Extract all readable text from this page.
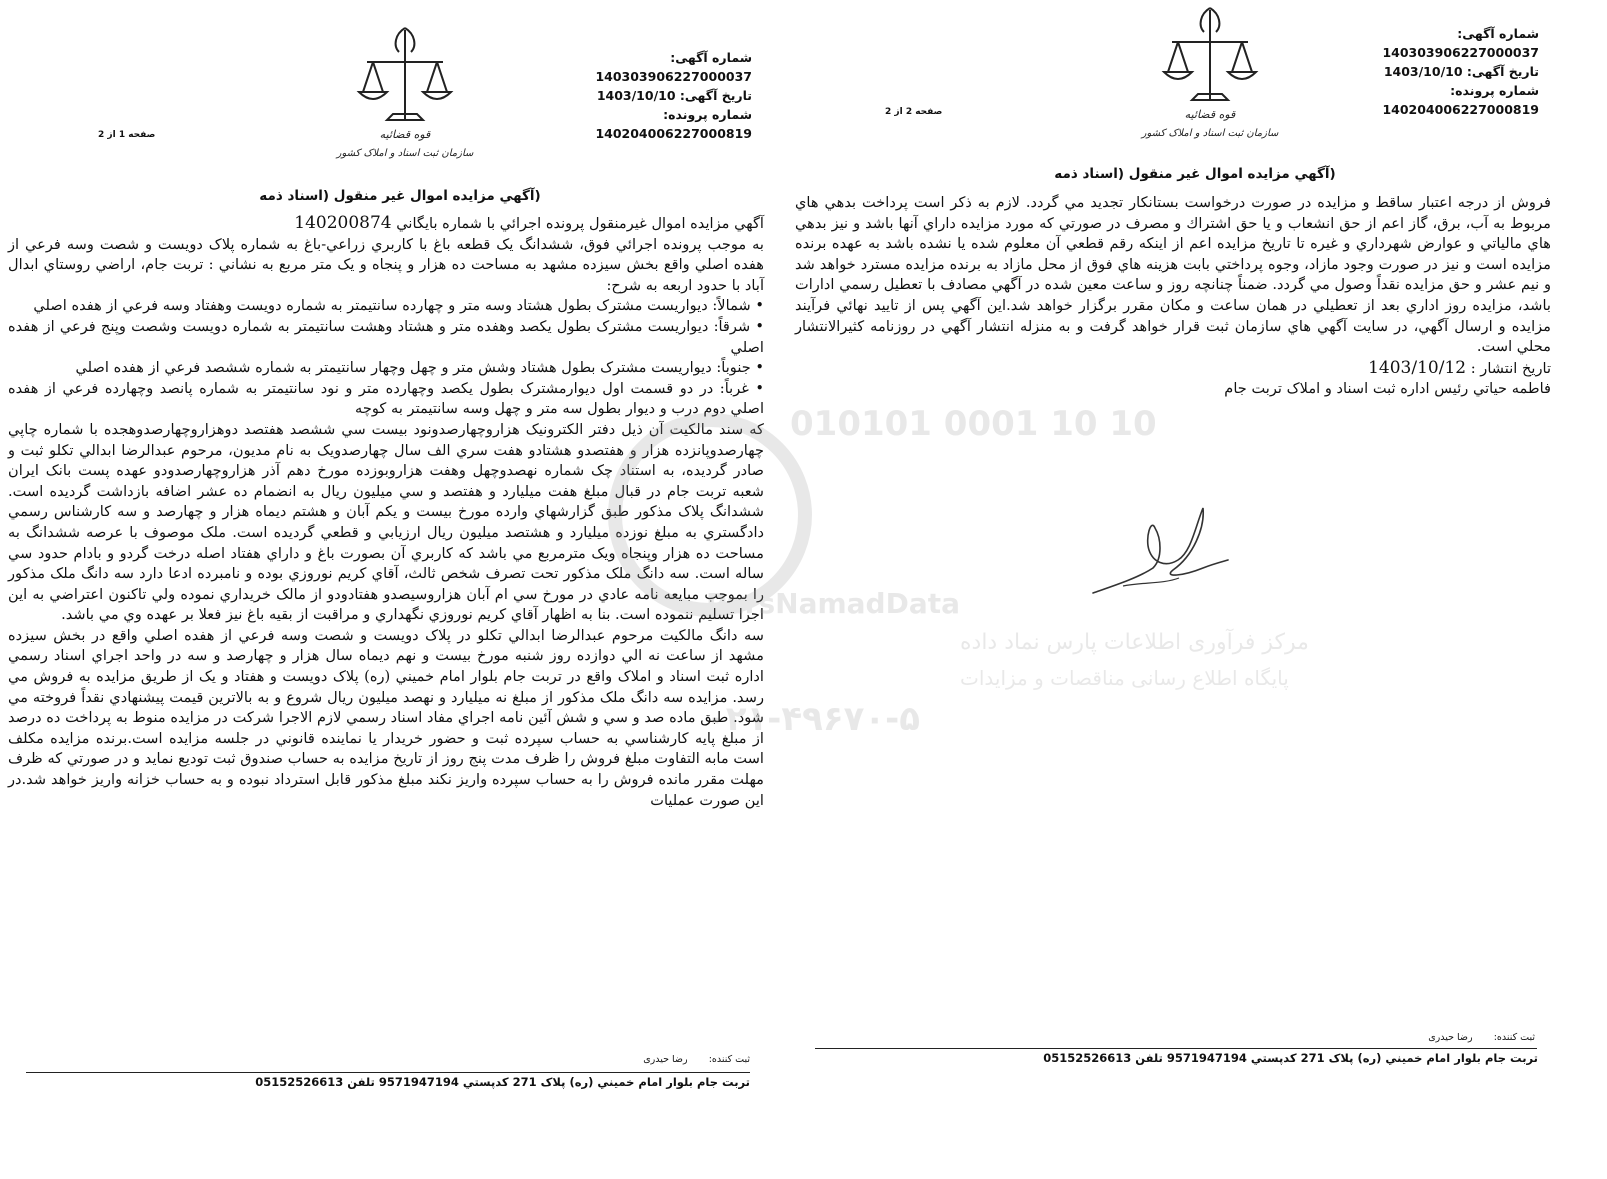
شماره آگهی: 140303906227000037
تاریخ آگهی: 1403/10/10
شماره پرونده: 140204006227000819
قوه قضائیه
سازمان ثبت اسناد و املاک کشور
صفحه 1 از 2
(آگهي مزايده اموال غير منقول (اسناد ذمه

آگهي مزايده اموال غيرمنقول پرونده اجرائي با شماره بايگاني 140200874

به موجب پرونده اجرائي فوق، ششدانگ يک قطعه باغ با کاربري زراعي-باغ به شماره پلاک دويست و شصت وسه فرعي از هفده اصلي واقع بخش سيزده مشهد به مساحت ده هزار و پنجاه و يک متر مربع به نشاني : تربت جام، اراضي روستاي ابدال آباد با حدود اربعه به شرح:

• شمالاً: ديواريست مشترک بطول هشتاد وسه متر و چهارده سانتيمتر به شماره دويست وهفتاد وسه فرعي از هفده اصلي

• شرقاً: ديواريست مشترک بطول يکصد وهفده متر و هشتاد وهشت سانتيمتر به شماره دويست وشصت وپنج فرعي از هفده اصلي

• جنوباً: ديواريست مشترک بطول هشتاد وشش متر و چهل وچهار سانتيمتر به شماره ششصد فرعي از هفده اصلي

• غرباً: در دو قسمت اول ديوارمشترک بطول يکصد وچهارده متر و نود سانتيمتر به شماره پانصد وچهارده فرعي از هفده اصلي دوم درب و ديوار بطول سه متر و چهل وسه سانتيمتر به کوچه

که سند مالکيت آن ذيل دفتر الکترونيک هزاروچهارصدونود بيست سي ششصد هفتصد دوهزاروچهارصدوهجده با شماره چاپي چهارصدوپانزده هزار و هفتصدو هشتادو هفت سري الف سال چهارصدويک به نام مديون، مرحوم عبدالرضا ابدالي تكلو ثبت و صادر گرديده، به استناد چک شماره نهصدوچهل وهفت هزاروبوزده مورخ دهم آذر هزاروچهارصدودو عهده پست بانک ايران شعبه تربت جام در قبال مبلغ هفت ميليارد و هفتصد و سي ميليون ريال به انضمام ده عشر اضافه بازداشت گرديده است. ششدانگ پلاک مذکور طبق گزارشهاي وارده مورخ بيست و يکم آبان و هشتم ديماه هزار و چهارصد و سه کارشناس رسمي دادگستري به مبلغ نوزده ميليارد و هشتصد ميليون ريال ارزيابي و قطعي گرديده است. ملک موصوف با عرصه ششدانگ به مساحت ده هزار وپنجاه ويک مترمربع مي باشد که کاربري آن بصورت باغ و داراي هفتاد اصله درخت گردو و بادام حدود سي ساله است. سه دانگ ملک مذکور تحت تصرف شخص ثالث، آقاي كريم نوروزي بوده و نامبرده ادعا دارد سه دانگ ملک مذکور را بموجب مبايعه نامه عادي در مورخ سي ام آبان هزاروسيصدو هفتادودو از مالک خريداري نموده ولي تاکنون اعتراضي به اين اجرا تسليم ننموده است. بنا به اظهار آقاي كريم نوروزي نگهداري و مراقبت از بقيه باغ نيز فعلا بر عهده وي مي باشد.

سه دانگ مالکيت مرحوم عبدالرضا ابدالي تكلو در پلاک دويست و شصت وسه فرعي از هفده اصلي واقع در بخش سيزده مشهد از ساعت نه الي دوازده روز شنبه مورخ بيست و نهم ديماه سال هزار و چهارصد و سه در واحد اجراي اسناد رسمي اداره ثبت اسناد و املاک واقع در تربت جام بلوار امام خميني (ره) پلاک دويست و هفتاد و يک از طريق مزايده به فروش مي رسد. مزايده سه دانگ ملک مذکور از مبلغ نه ميليارد و نهصد ميليون ريال شروع و به بالاترين قيمت پيشنهادي نقداً فروخته مي شود. طبق ماده صد و سي و شش آئين نامه اجراي مفاد اسناد رسمي لازم الاجرا شرکت در مزايده منوط به پرداخت ده درصد از مبلغ پايه کارشناسي به حساب سپرده ثبت و حضور خريدار يا نماينده قانوني در جلسه مزايده است.برنده مزايده مكلف است مابه التفاوت مبلغ فروش را ظرف مدت پنج روز از تاريخ مزايده به حساب صندوق ثبت توديع نمايد و در صورتي كه ظرف مهلت مقرر مانده فروش را به حساب سپرده واريز نكند مبلغ مذكور قابل استرداد نبوده و به حساب خزانه واريز خواهد شد.در اين صورت عمليات

ثبت کننده:       رضا حیدری
تربت جام بلوار امام خميني (ره) پلاک 271 کدپستي 9571947194 تلفن 05152526613
شماره آگهی: 140303906227000037
تاریخ آگهی: 1403/10/10
شماره پرونده: 140204006227000819
قوه قضائیه
سازمان ثبت اسناد و املاک کشور
صفحه 2 از 2
(آگهي مزايده اموال غير منقول (اسناد ذمه

فروش از درجه اعتبار ساقط و مزايده در صورت درخواست بستانكار تجديد مي گردد. لازم به ذكر است پرداخت بدهي هاي مربوط به آب، برق، گاز اعم از حق انشعاب و يا حق اشتراك و مصرف در صورتي كه مورد مزايده داراي آنها باشد و نيز بدهي هاي مالياتي و عوارض شهرداري و غيره تا تاريخ مزايده اعم از اينكه رقم قطعي آن معلوم شده يا نشده باشد به عهده برنده مزايده است و نيز در صورت وجود مازاد، وجوه پرداختي بابت هزينه هاي فوق از محل مازاد به برنده مزايده مسترد خواهد شد و نيم عشر و حق مزايده نقداً وصول مي گردد. ضمناً چنانچه روز و ساعت معين شده در آگهي مصادف با تعطيل رسمي ادارات باشد، مزايده روز اداري بعد از تعطيلي در همان ساعت و مكان مقرر برگزار خواهد شد.اين آگهي پس از تاييد نهائي فرآيند مزايده و ارسال آگهي، در سايت آگهي هاي سازمان ثبت قرار خواهد گرفت و به منزله انتشار آگهي در روزنامه كثيرالانتشار محلي است.

تاريخ انتشار : 1403/10/12

فاطمه حياتي رئيس اداره ثبت اسناد و املاک تربت جام

ثبت کننده:       رضا حیدری
تربت جام بلوار امام خميني (ره) پلاک 271 کدپستي 9571947194 تلفن 05152526613
010101 0001 10 10
ParsNamadData
مرکز فرآوری اطلاعات پارس نماد داده
پایگاه اطلاع رسانی مناقصات و مزایدات
۰۲۱-۴۹۶۷۰-۵
